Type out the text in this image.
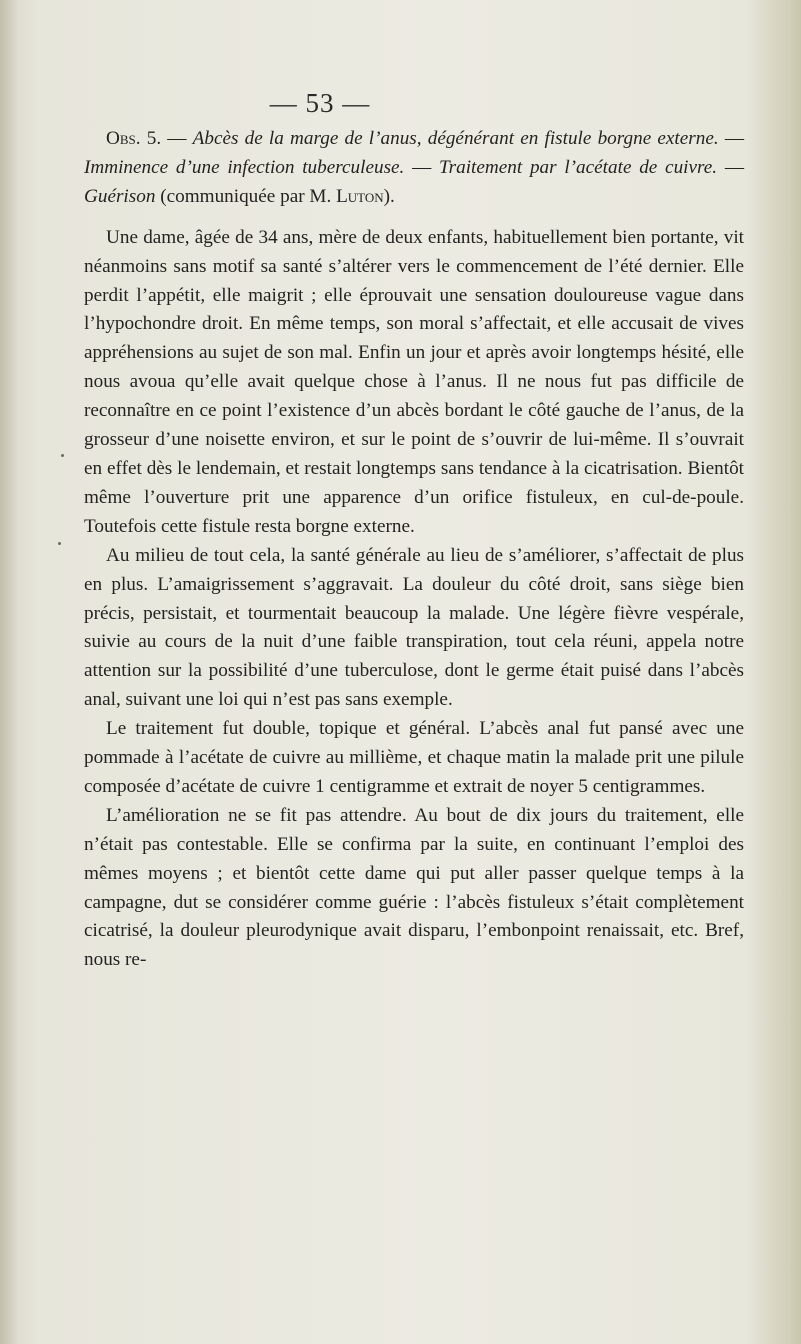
— 53 —

Obs. 5. — Abcès de la marge de l’anus, dégénérant en fistule borgne externe. — Imminence d’une infection tuberculeuse. — Traitement par l’acétate de cuivre. — Guérison (communiquée par M. Luton).

Une dame, âgée de 34 ans, mère de deux enfants, habituellement bien portante, vit néanmoins sans motif sa santé s’altérer vers le commencement de l’été dernier. Elle perdit l’appétit, elle maigrit ; elle éprouvait une sensation douloureuse vague dans l’hypochondre droit. En même temps, son moral s’affectait, et elle accusait de vives appréhensions au sujet de son mal. Enfin un jour et après avoir longtemps hésité, elle nous avoua qu’elle avait quelque chose à l’anus. Il ne nous fut pas difficile de reconnaître en ce point l’existence d’un abcès bordant le côté gauche de l’anus, de la grosseur d’une noisette environ, et sur le point de s’ouvrir de lui-même. Il s’ouvrait en effet dès le lendemain, et restait longtemps sans tendance à la cicatrisation. Bientôt même l’ouverture prit une apparence d’un orifice fistuleux, en cul-de-poule. Toutefois cette fistule resta borgne externe.

Au milieu de tout cela, la santé générale au lieu de s’améliorer, s’affectait de plus en plus. L’amaigrissement s’aggravait. La douleur du côté droit, sans siège bien précis, persistait, et tourmentait beaucoup la malade. Une légère fièvre vespérale, suivie au cours de la nuit d’une faible transpiration, tout cela réuni, appela notre attention sur la possibilité d’une tuberculose, dont le germe était puisé dans l’abcès anal, suivant une loi qui n’est pas sans exemple.

Le traitement fut double, topique et général. L’abcès anal fut pansé avec une pommade à l’acétate de cuivre au millième, et chaque matin la malade prit une pilule composée d’acétate de cuivre 1 centigramme et extrait de noyer 5 centigrammes.

L’amélioration ne se fit pas attendre. Au bout de dix jours du traitement, elle n’était pas contestable. Elle se confirma par la suite, en continuant l’emploi des mêmes moyens ; et bientôt cette dame qui put aller passer quelque temps à la campagne, dut se considérer comme guérie : l’abcès fistuleux s’était complètement cicatrisé, la douleur pleurodynique avait disparu, l’embonpoint renaissait, etc. Bref, nous re-
